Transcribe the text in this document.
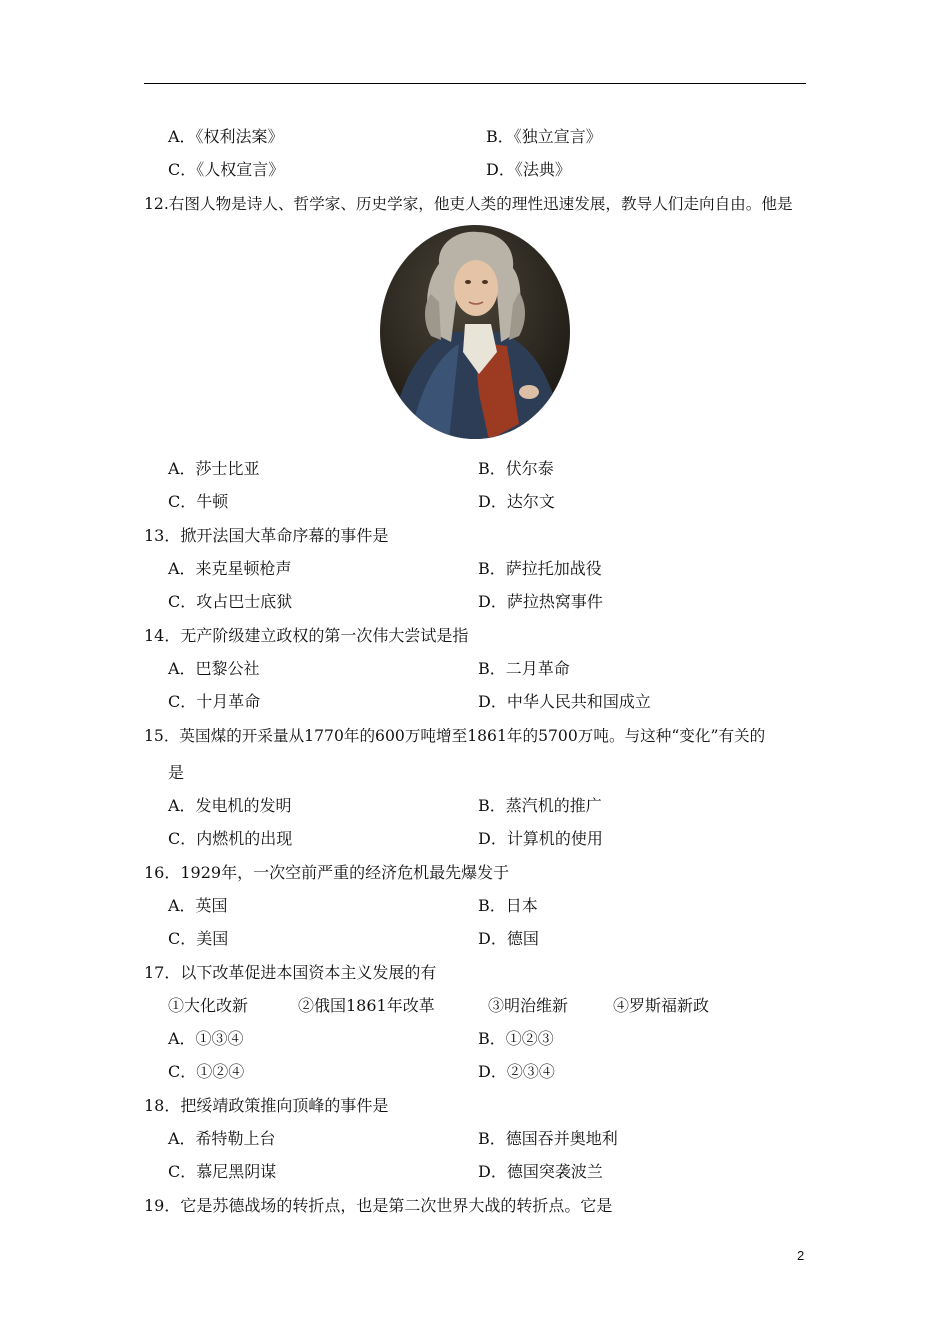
A．《权利法案》	B．《独立宣言》
C．《人权宣言》	D．《法典》
12.右图人物是诗人、哲学家、历史学家，他吏人类的理性迅速发展，教导人们走向自由。他是
A．莎士比亚	B．伏尔泰
C．牛顿	D．达尔文
13．掀开法国大革命序幕的事件是
A．来克星顿枪声	B．萨拉托加战役
C．攻占巴士底狱	D．萨拉热窝事件
14．无产阶级建立政权的第一次伟大尝试是指
A．巴黎公社	B．二月革命
C．十月革命	D．中华人民共和国成立
15．英国煤的开采量从1770年的600万吨增至1861年的5700万吨。与这种“变化”有关的
是
A．发电机的发明	B．蒸汽机的推广
C．内燃机的出现	D．计算机的使用
16．1929年，一次空前严重的经济危机最先爆发于
A．英国	B．日本
C．美国	D．德国
17．以下改革促进本国资本主义发展的有
①大化改新	②俄国1861年改革	③明治维新	④罗斯福新政
A．①③④	B．①②③
C．①②④	D．②③④
18．把绥靖政策推向顶峰的事件是
A．希特勒上台	B．德国吞并奥地利
C．慕尼黑阴谋	D．德国突袭波兰
19．它是苏德战场的转折点，也是第二次世界大战的转折点。它是
2
